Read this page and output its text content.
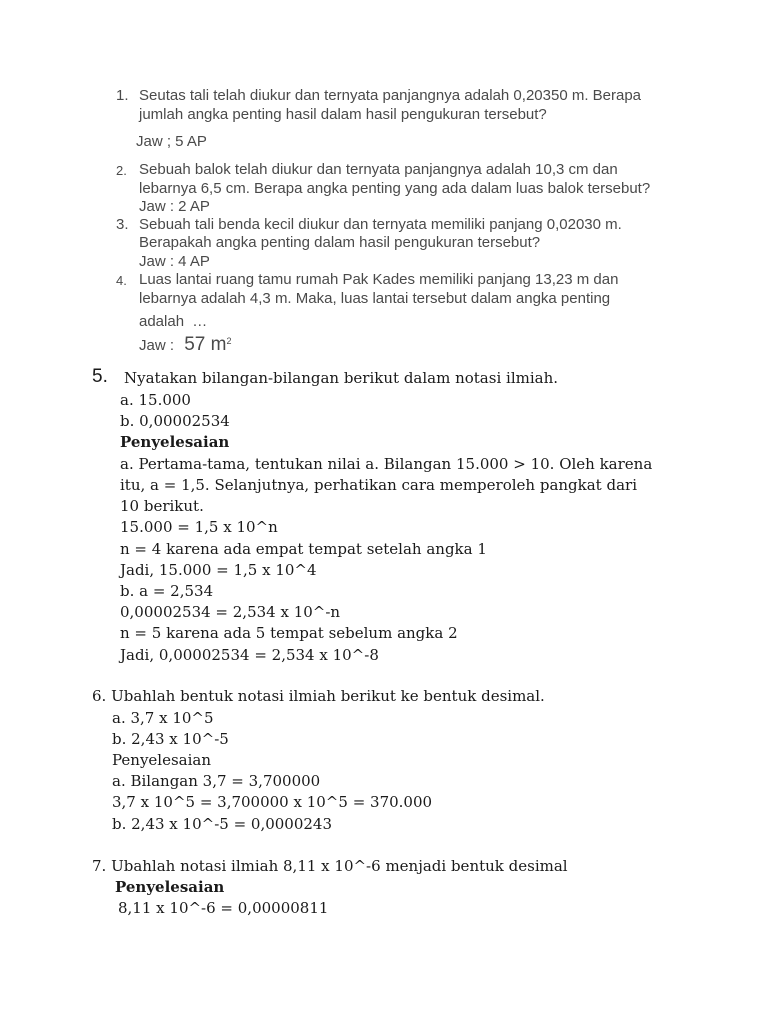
1. Seutas tali telah diukur dan ternyata panjangnya adalah 0,20350 m. Berapa
jumlah angka penting hasil dalam hasil pengukuran tersebut?
Jaw ; 5 AP
2. Sebuah balok telah diukur dan ternyata panjangnya adalah 10,3 cm dan
lebarnya 6,5 cm. Berapa angka penting yang ada dalam luas balok tersebut?
Jaw : 2 AP
3. Sebuah tali benda kecil diukur dan ternyata memiliki panjang 0,02030 m.
Berapakah angka penting dalam hasil pengukuran tersebut?
Jaw : 4 AP
4. Luas lantai ruang tamu rumah Pak Kades memiliki panjang 13,23 m dan
lebarnya adalah 4,3 m. Maka, luas lantai tersebut dalam angka penting
adalah …
Jaw : 57 $m^2$
5. Nyatakan bilangan-bilangan berikut dalam notasi ilmiah.
a. 15.000
b. 0,00002534
Penyelesaian
a. Pertama-tama, tentukan nilai a. Bilangan 15.000 > 10. Oleh karena
itu, a = 1,5. Selanjutnya, perhatikan cara memperoleh pangkat dari
10 berikut.
15.000 = 1,5 x 10^n
n = 4 karena ada empat tempat setelah angka 1
Jadi, 15.000 = 1,5 x 10^4
b. a = 2,534
0,00002534 = 2,534 x 10^-n
n = 5 karena ada 5 tempat sebelum angka 2
Jadi, 0,00002534 = 2,534 x 10^-8
6. Ubahlah bentuk notasi ilmiah berikut ke bentuk desimal.
a. 3,7 x 10^5
b. 2,43 x 10^-5
Penyelesaian
a. Bilangan 3,7 = 3,700000
3,7 x 10^5 = 3,700000 x 10^5 = 370.000
b. 2,43 x 10^-5 = 0,0000243
7. Ubahlah notasi ilmiah 8,11 x 10^-6 menjadi bentuk desimal
Penyelesaian
8,11 x 10^-6 = 0,00000811
